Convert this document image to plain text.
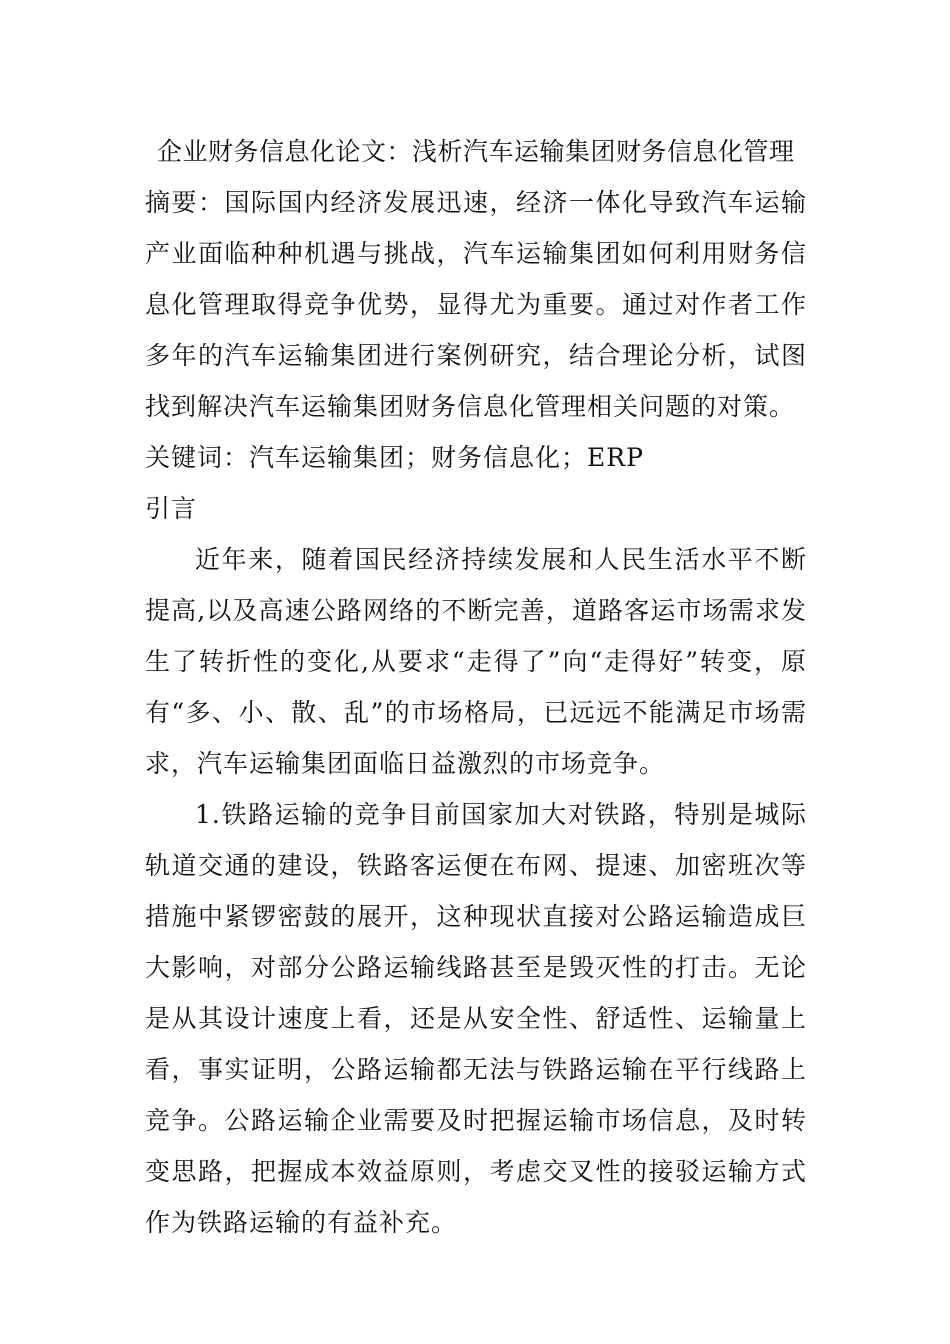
企业财务信息化论文：浅析汽车运输集团财务信息化管理

摘要：国际国内经济发展迅速，经济一体化导致汽车运输产业面临种种机遇与挑战，汽车运输集团如何利用财务信息化管理取得竞争优势，显得尤为重要。通过对作者工作多年的汽车运输集团进行案例研究，结合理论分析，试图找到解决汽车运输集团财务信息化管理相关问题的对策。

关键词：汽车运输集团；财务信息化；ERP

引言

近年来，随着国民经济持续发展和人民生活水平不断提高,以及高速公路网络的不断完善，道路客运市场需求发生了转折性的变化,从要求“走得了”向“走得好”转变，原有“多、小、散、乱”的市场格局，已远远不能满足市场需求，汽车运输集团面临日益激烈的市场竞争。

1.铁路运输的竞争目前国家加大对铁路，特别是城际轨道交通的建设，铁路客运便在布网、提速、加密班次等措施中紧锣密鼓的展开，这种现状直接对公路运输造成巨大影响，对部分公路运输线路甚至是毁灭性的打击。无论是从其设计速度上看，还是从安全性、舒适性、运输量上看，事实证明，公路运输都无法与铁路运输在平行线路上竞争。公路运输企业需要及时把握运输市场信息，及时转变思路，把握成本效益原则，考虑交叉性的接驳运输方式作为铁路运输的有益补充。
